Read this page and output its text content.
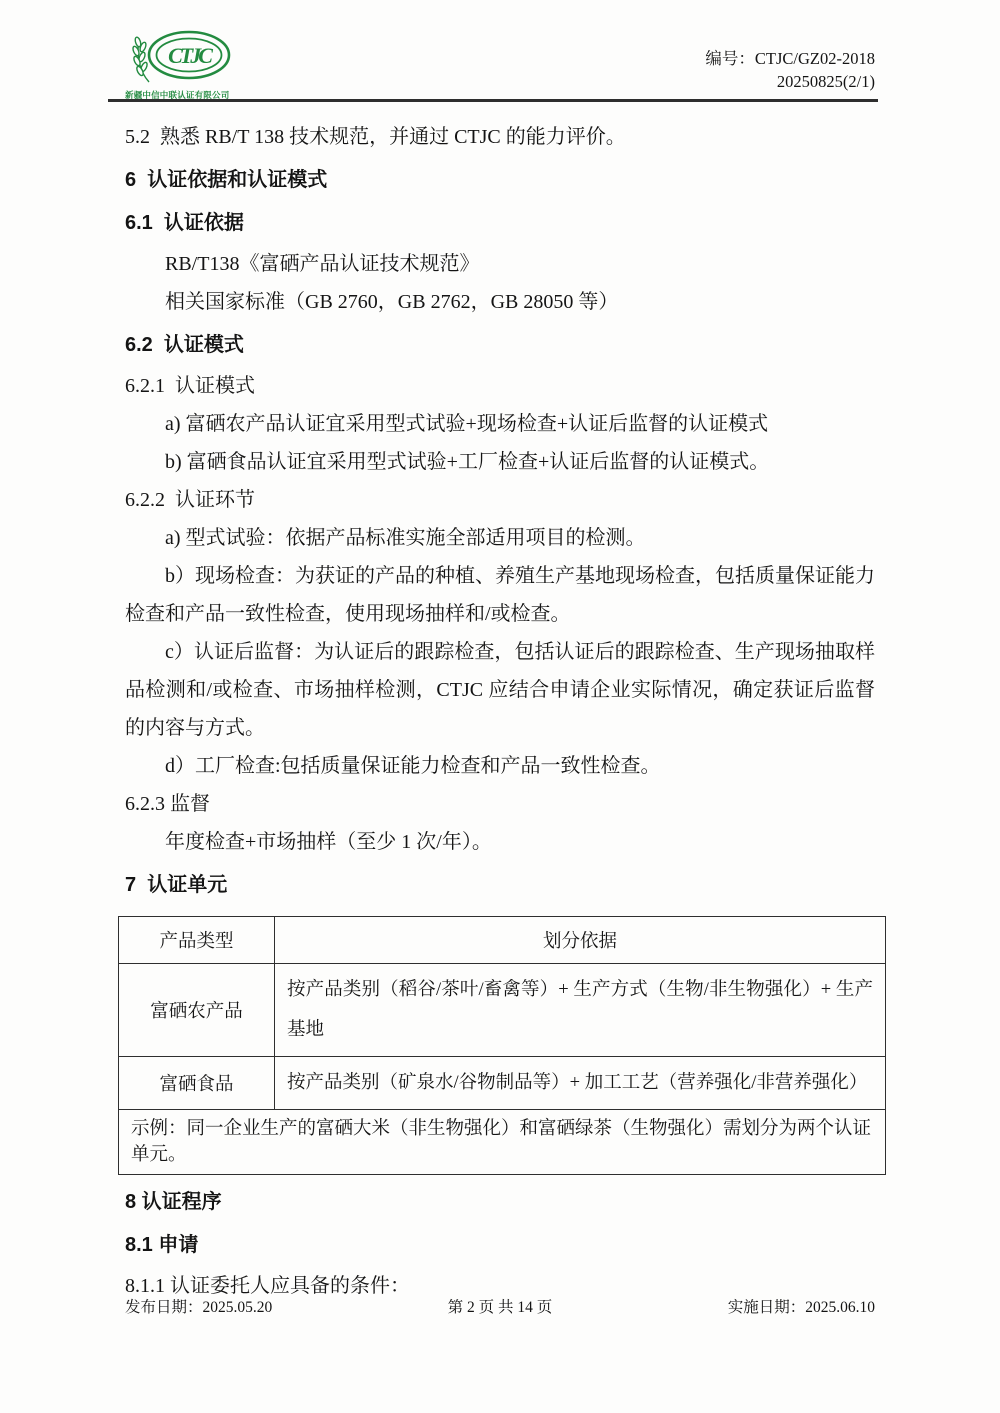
CTJC
新疆中信中联认证有限公司
编号：CTJC/GZ02-2018
20250825(2/1)

5.2  熟悉 RB/T 138 技术规范，并通过 CTJC 的能力评价。

6  认证依据和认证模式

6.1  认证依据

RB/T138《富硒产品认证技术规范》

相关国家标准（GB 2760，GB 2762，GB 28050 等）

6.2  认证模式

6.2.1  认证模式

a) 富硒农产品认证宜采用型式试验+现场检查+认证后监督的认证模式

b) 富硒食品认证宜采用型式试验+工厂检查+认证后监督的认证模式。

6.2.2  认证环节

a) 型式试验：依据产品标准实施全部适用项目的检测。

b）现场检查：为获证的产品的种植、养殖生产基地现场检查，包括质量保证能力检查和产品一致性检查，使用现场抽样和/或检查。

c）认证后监督：为认证后的跟踪检查，包括认证后的跟踪检查、生产现场抽取样品检测和/或检查、市场抽样检测，CTJC 应结合申请企业实际情况，确定获证后监督的内容与方式。

d）工厂检查:包括质量保证能力检查和产品一致性检查。

6.2.3 监督

年度检查+市场抽样（至少 1 次/年）。

7  认证单元

产品类型	划分依据
富硒农产品	按产品类别（稻谷/茶叶/畜禽等）+ 生产方式（生物/非生物强化）+ 生产基地
富硒食品	按产品类别（矿泉水/谷物制品等）+ 加工工艺（营养强化/非营养强化）
示例：同一企业生产的富硒大米（非生物强化）和富硒绿茶（生物强化）需划分为两个认证单元。	

8 认证程序

8.1 申请

8.1.1 认证委托人应具备的条件：

发布日期：2025.05.20	第 2 页 共 14 页	实施日期：2025.06.10
